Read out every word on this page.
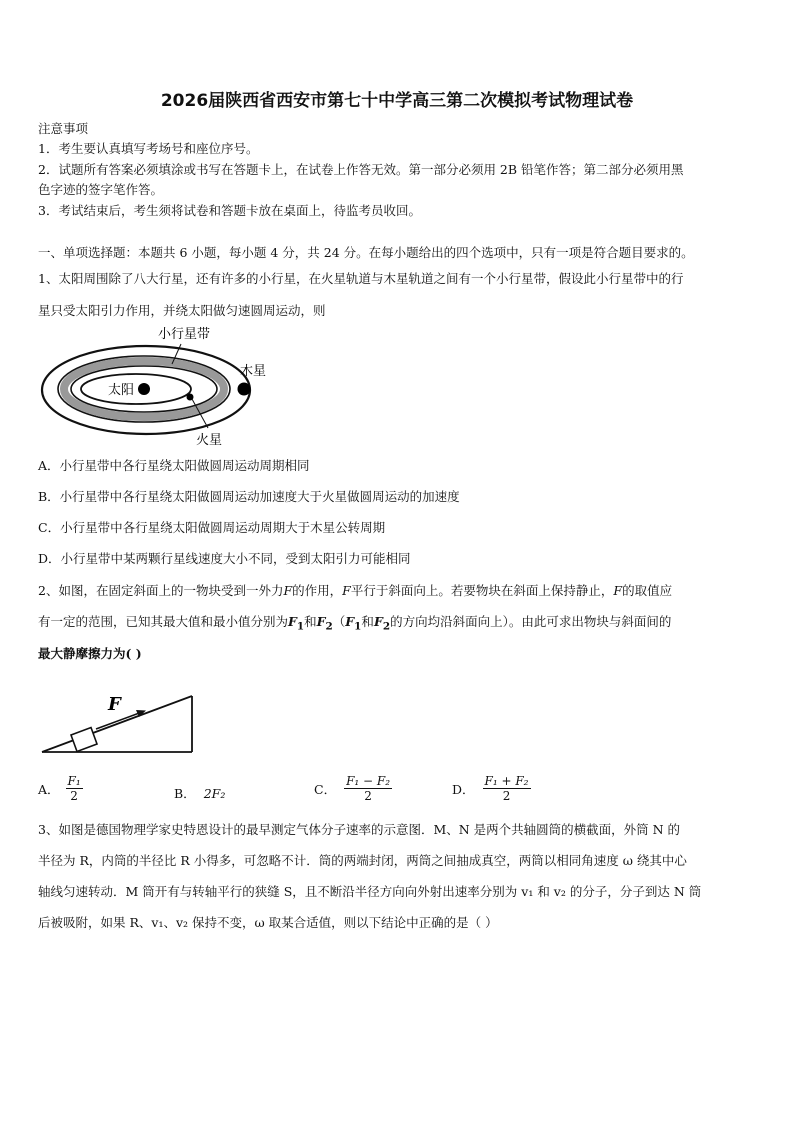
2026届陕西省西安市第七十中学高三第二次模拟考试物理试卷
注意事项
1．考生要认真填写考场号和座位序号。
2．试题所有答案必须填涂或书写在答题卡上，在试卷上作答无效。第一部分必须用 2B 铅笔作答；第二部分必须用黑
色字迹的签字笔作答。
3．考试结束后，考生须将试卷和答题卡放在桌面上，待监考员收回。
一、单项选择题：本题共 6 小题，每小题 4 分，共 24 分。在每小题给出的四个选项中，只有一项是符合题目要求的。
1、太阳周围除了八大行星，还有许多的小行星，在火星轨道与木星轨道之间有一个小行星带，假设此小行星带中的行
星只受太阳引力作用，并绕太阳做匀速圆周运动，则
小行星带
太阳
木星
火星
A．小行星带中各行星绕太阳做圆周运动周期相同
B．小行星带中各行星绕太阳做圆周运动加速度大于火星做圆周运动的加速度
C．小行星带中各行星绕太阳做圆周运动周期大于木星公转周期
D．小行星带中某两颗行星线速度大小不同，受到太阳引力可能相同
2、如图，在固定斜面上的一物块受到一外力F的作用，F平行于斜面向上。若要物块在斜面上保持静止，F的取值应
有一定的范围，已知其最大值和最小值分别为$F_1$和$F_2(F_1$和$F_2$的方向均沿斜面向上）。由此可求出物块与斜面间的
最大静摩擦力为( )
F
A． $\frac{\text{F₁}}{2}$	B． 2F₂	C． $\frac{\text{F₁ − F₂}}{2}$	D． $\frac{\text{F₁ + F₂}}{2}$
3、如图是德国物理学家史特恩设计的最早测定气体分子速率的示意图．M、N 是两个共轴圆筒的横截面，外筒 N 的
半径为 R，内筒的半径比 R 小得多，可忽略不计．筒的两端封闭，两筒之间抽成真空，两筒以相同角速度 ω 绕其中心
轴线匀速转动．M 筒开有与转轴平行的狭缝 S，且不断沿半径方向向外射出速率分别为 v₁ 和 v₂ 的分子，分子到达 N 筒
后被吸附，如果 R、v₁、v₂ 保持不变，ω 取某合适值，则以下结论中正确的是（ ）
